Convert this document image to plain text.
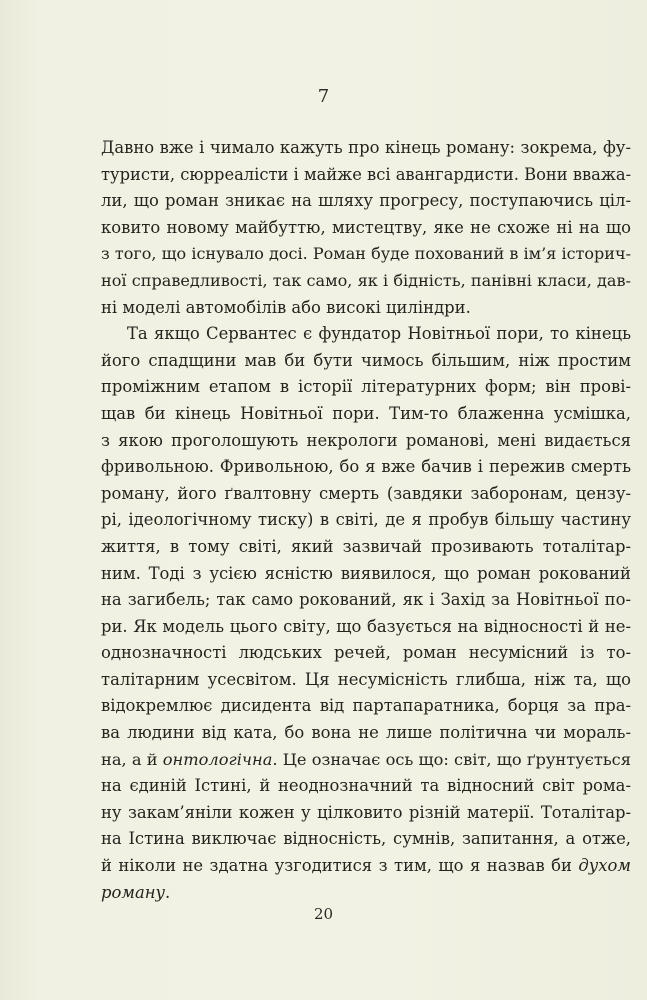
7
Давно вже і чимало кажуть про кінець роману: зокрема, фу-
туристи, сюрреалісти і майже всі авангардисти. Вони вважа-
ли, що роман зникає на шляху прогресу, поступаючись ціл-
ковито новому майбуттю, мистецтву, яке не схоже ні на що
з того, що існувало досі. Роман буде похований в ім’я історич-
ної справедливості, так само, як і бідність, панівні класи, дав-
ні моделі автомобілів або високі циліндри.
Та якщо Сервантес є фундатор Новітньої пори, то кінець
його спадщини мав би бути чимось більшим, ніж простим
проміжним етапом в історії літературних форм; він прові-
щав би кінець Новітньої пори. Тим-то блаженна усмішка,
з якою проголошують некрологи романові, мені видається
фривольною. Фривольною, бо я вже бачив і пережив смерть
роману, його ґвалтовну смерть (завдяки заборонам, цензу-
рі, ідеологічному тиску) в світі, де я пробув більшу частину
життя, в тому світі, який зазвичай прозивають тоталітар-
ним. Тоді з усією ясністю виявилося, що роман рокований
на загибель; так само рокований, як і Захід за Новітньої по-
ри. Як модель цього світу, що базується на відносності й не-
однозначності людських речей, роман несумісний із то-
талітарним усесвітом. Ця несумісність глибша, ніж та, що
відокремлює дисидента від партапаратника, борця за пра-
ва людини від ката, бо вона не лише політична чи мораль-
на, а й онтологічна. Це означає ось що: світ, що ґрунтується
на єдиній Істині, й неоднозначний та відносний світ рома-
ну закам’яніли кожен у цілковито різній матерії. Тоталітар-
на Істина виключає відносність, сумнів, запитання, а отже,
й ніколи не здатна узгодитися з тим, що я назвав би духом
роману.
20
